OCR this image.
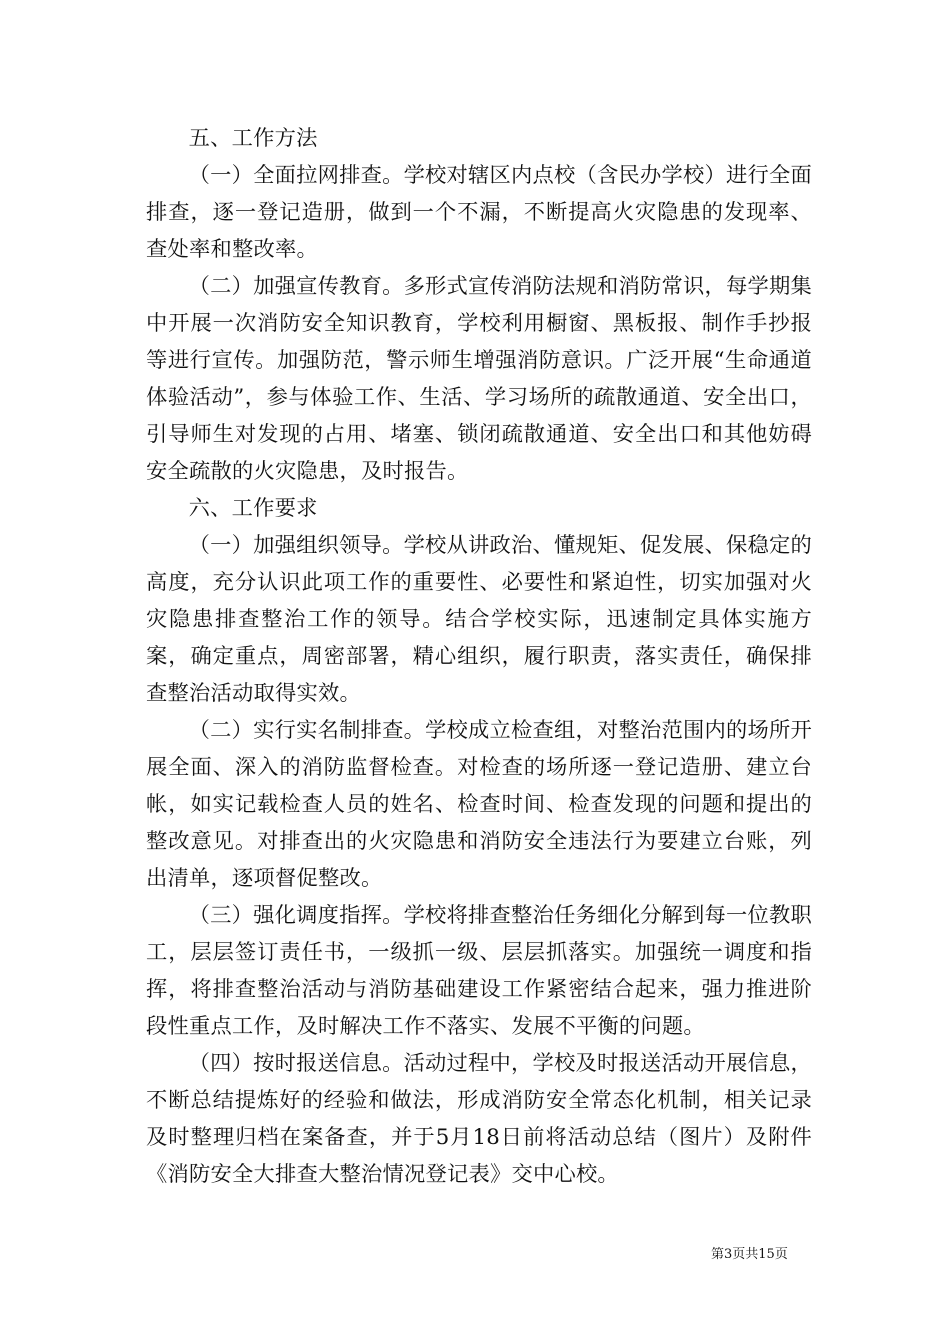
五、工作方法

（一）全面拉网排查。学校对辖区内点校（含民办学校）进行全面排查，逐一登记造册，做到一个不漏，不断提高火灾隐患的发现率、查处率和整改率。

（二）加强宣传教育。多形式宣传消防法规和消防常识，每学期集中开展一次消防安全知识教育，学校利用橱窗、黑板报、制作手抄报等进行宣传。加强防范，警示师生增强消防意识。广泛开展“生命通道体验活动”，参与体验工作、生活、学习场所的疏散通道、安全出口，引导师生对发现的占用、堵塞、锁闭疏散通道、安全出口和其他妨碍安全疏散的火灾隐患，及时报告。

六、工作要求

（一）加强组织领导。学校从讲政治、懂规矩、促发展、保稳定的高度，充分认识此项工作的重要性、必要性和紧迫性，切实加强对火灾隐患排查整治工作的领导。结合学校实际，迅速制定具体实施方案，确定重点，周密部署，精心组织，履行职责，落实责任，确保排查整治活动取得实效。

（二）实行实名制排查。学校成立检查组，对整治范围内的场所开展全面、深入的消防监督检查。对检查的场所逐一登记造册、建立台帐，如实记载检查人员的姓名、检查时间、检查发现的问题和提出的整改意见。对排查出的火灾隐患和消防安全违法行为要建立台账，列出清单，逐项督促整改。

（三）强化调度指挥。学校将排查整治任务细化分解到每一位教职工，层层签订责任书，一级抓一级、层层抓落实。加强统一调度和指挥，将排查整治活动与消防基础建设工作紧密结合起来，强力推进阶段性重点工作，及时解决工作不落实、发展不平衡的问题。

（四）按时报送信息。活动过程中，学校及时报送活动开展信息，不断总结提炼好的经验和做法，形成消防安全常态化机制，相关记录及时整理归档在案备查，并于5月18日前将活动总结（图片）及附件《消防安全大排查大整治情况登记表》交中心校。

第3页共15页
